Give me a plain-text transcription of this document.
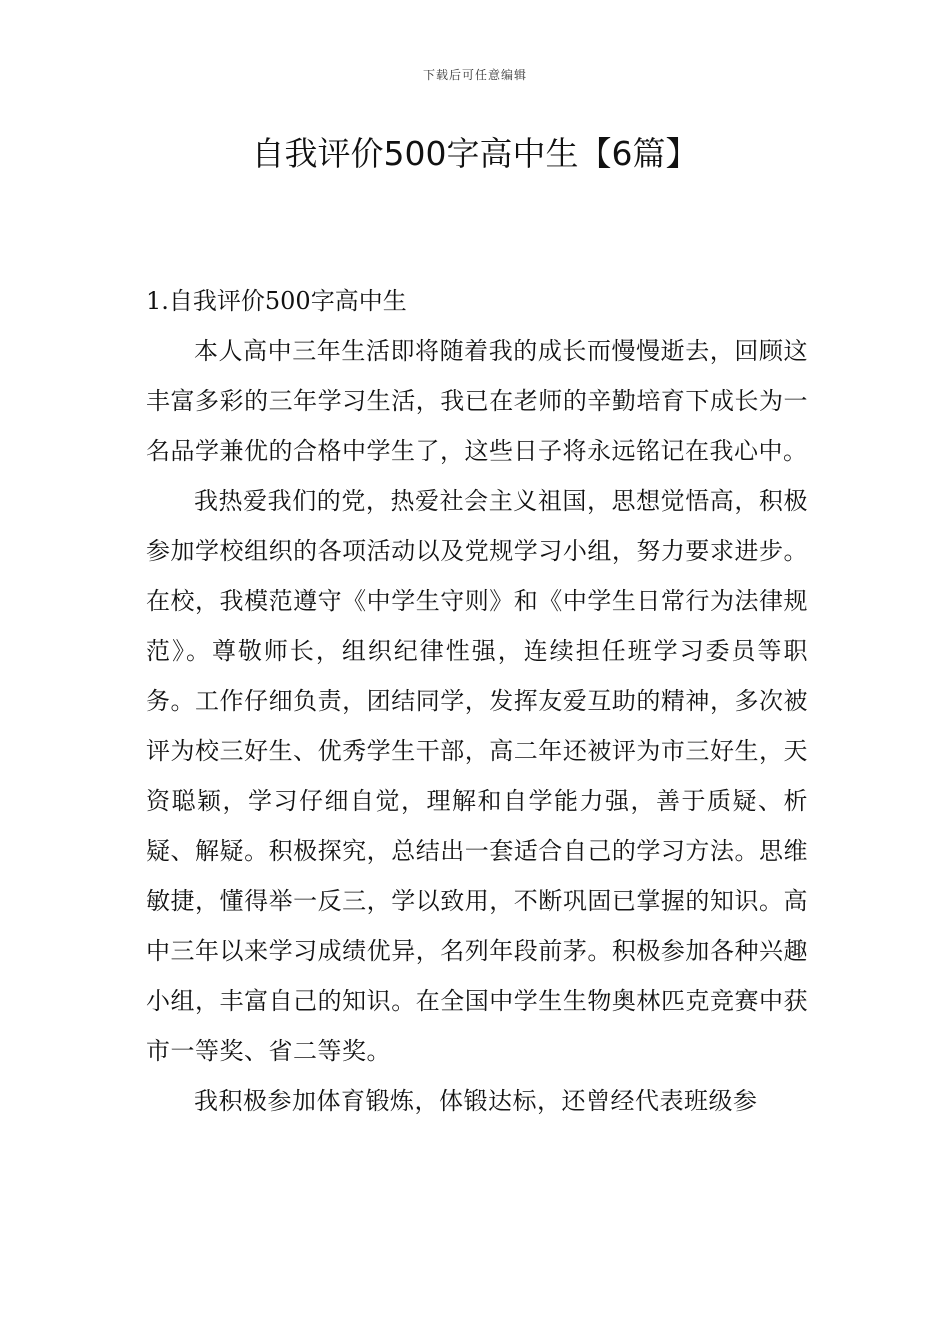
下载后可任意编辑
自我评价500字高中生【6篇】
1.自我评价500字高中生

本人高中三年生活即将随着我的成长而慢慢逝去，回顾这丰富多彩的三年学习生活，我已在老师的辛勤培育下成长为一名品学兼优的合格中学生了，这些日子将永远铭记在我心中。

我热爱我们的党，热爱社会主义祖国，思想觉悟高，积极参加学校组织的各项活动以及党规学习小组，努力要求进步。在校，我模范遵守《中学生守则》和《中学生日常行为法律规范》。尊敬师长，组织纪律性强，连续担任班学习委员等职务。工作仔细负责，团结同学，发挥友爱互助的精神，多次被评为校三好生、优秀学生干部，高二年还被评为市三好生，天资聪颖，学习仔细自觉，理解和自学能力强，善于质疑、析疑、解疑。积极探究，总结出一套适合自己的学习方法。思维敏捷，懂得举一反三，学以致用，不断巩固已掌握的知识。高中三年以来学习成绩优异，名列年段前茅。积极参加各种兴趣小组，丰富自己的知识。在全国中学生生物奥林匹克竞赛中获市一等奖、省二等奖。

我积极参加体育锻炼，体锻达标，还曾经代表班级参
